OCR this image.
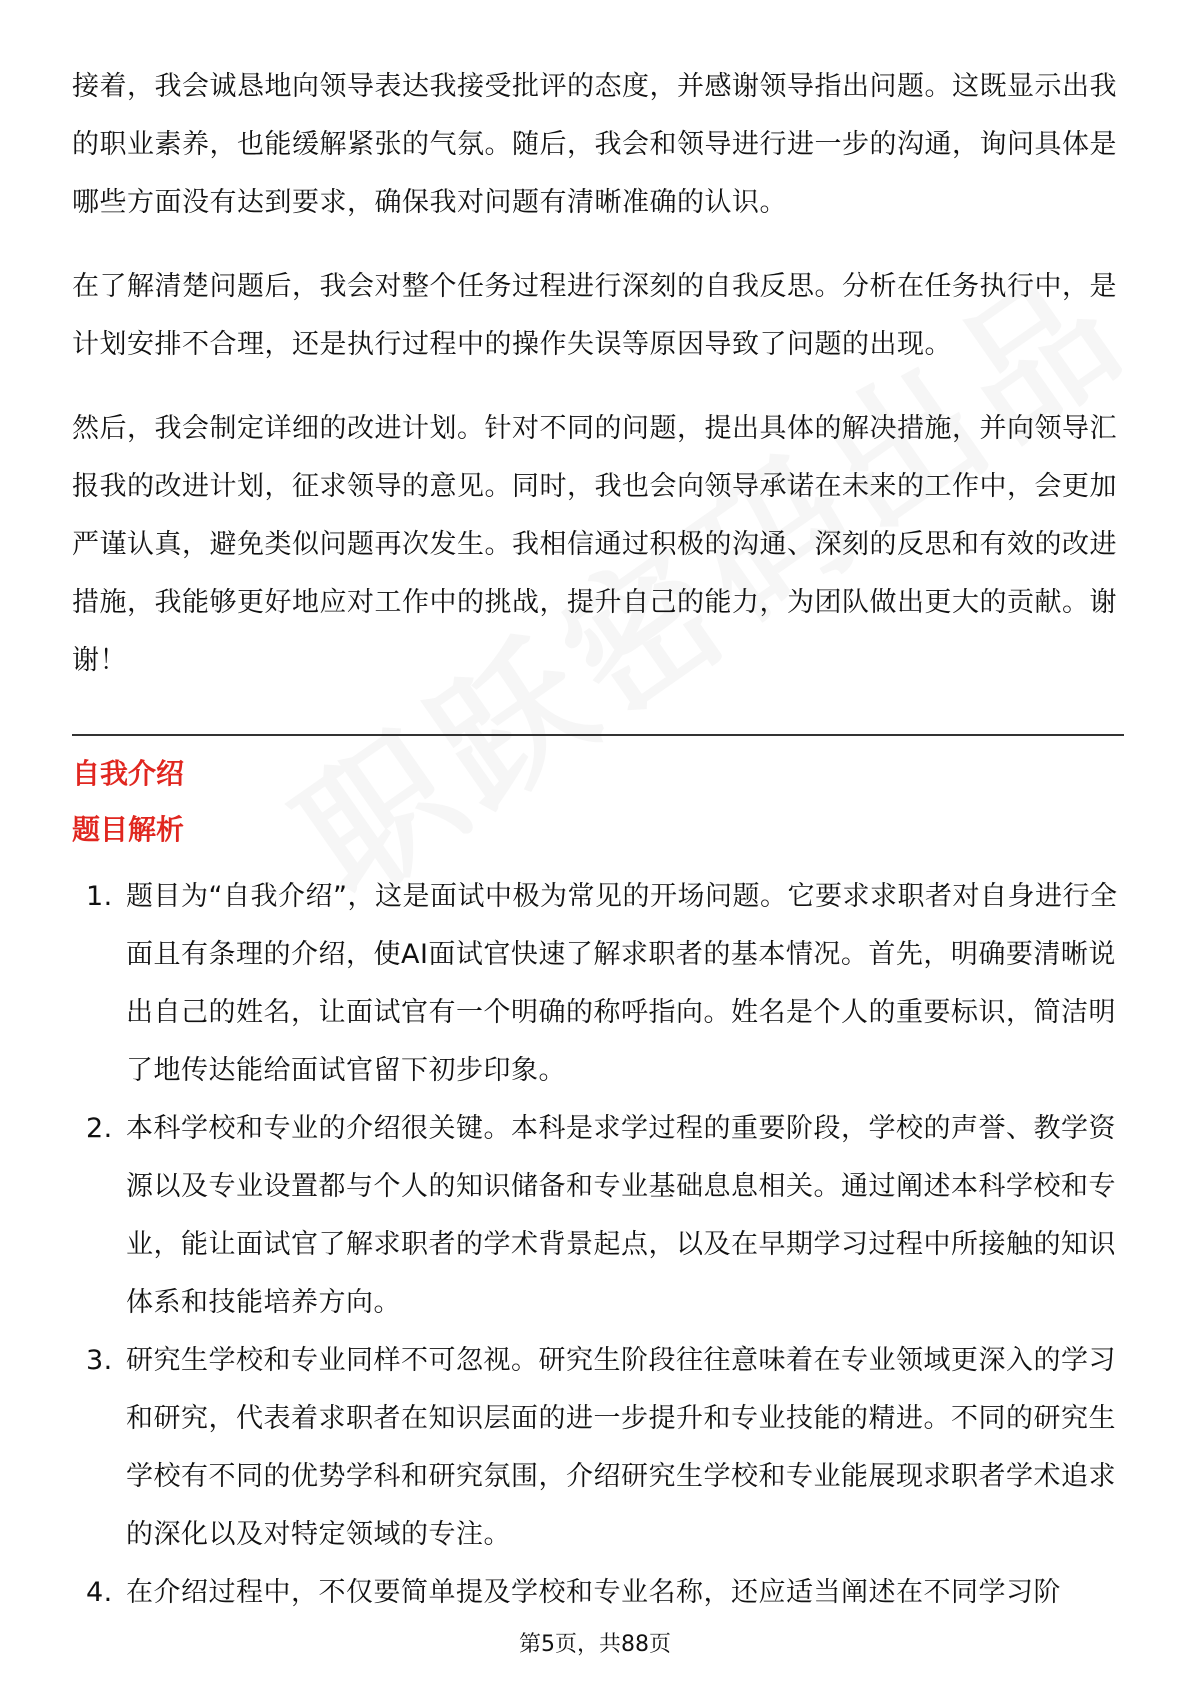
接着，我会诚恳地向领导表达我接受批评的态度，并感谢领导指出问题。这既显示出我的职业素养，也能缓解紧张的气氛。随后，我会和领导进行进一步的沟通，询问具体是哪些方面没有达到要求，确保我对问题有清晰准确的认识。

在了解清楚问题后，我会对整个任务过程进行深刻的自我反思。分析在任务执行中，是计划安排不合理，还是执行过程中的操作失误等原因导致了问题的出现。

然后，我会制定详细的改进计划。针对不同的问题，提出具体的解决措施，并向领导汇报我的改进计划，征求领导的意见。同时，我也会向领导承诺在未来的工作中，会更加严谨认真，避免类似问题再次发生。我相信通过积极的沟通、深刻的反思和有效的改进措施，我能够更好地应对工作中的挑战，提升自己的能力，为团队做出更大的贡献。谢谢！

自我介绍
题目解析
1. 题目为“自我介绍”，这是面试中极为常见的开场问题。它要求求职者对自身进行全面且有条理的介绍，使AI面试官快速了解求职者的基本情况。首先，明确要清晰说出自己的姓名，让面试官有一个明确的称呼指向。姓名是个人的重要标识，简洁明了地传达能给面试官留下初步印象。
2. 本科学校和专业的介绍很关键。本科是求学过程的重要阶段，学校的声誉、教学资源以及专业设置都与个人的知识储备和专业基础息息相关。通过阐述本科学校和专业，能让面试官了解求职者的学术背景起点，以及在早期学习过程中所接触的知识体系和技能培养方向。
3. 研究生学校和专业同样不可忽视。研究生阶段往往意味着在专业领域更深入的学习和研究，代表着求职者在知识层面的进一步提升和专业技能的精进。不同的研究生学校有不同的优势学科和研究氛围，介绍研究生学校和专业能展现求职者学术追求的深化以及对特定领域的专注。
4. 在介绍过程中，不仅要简单提及学校和专业名称，还应适当阐述在不同学习阶
第5页，共88页
